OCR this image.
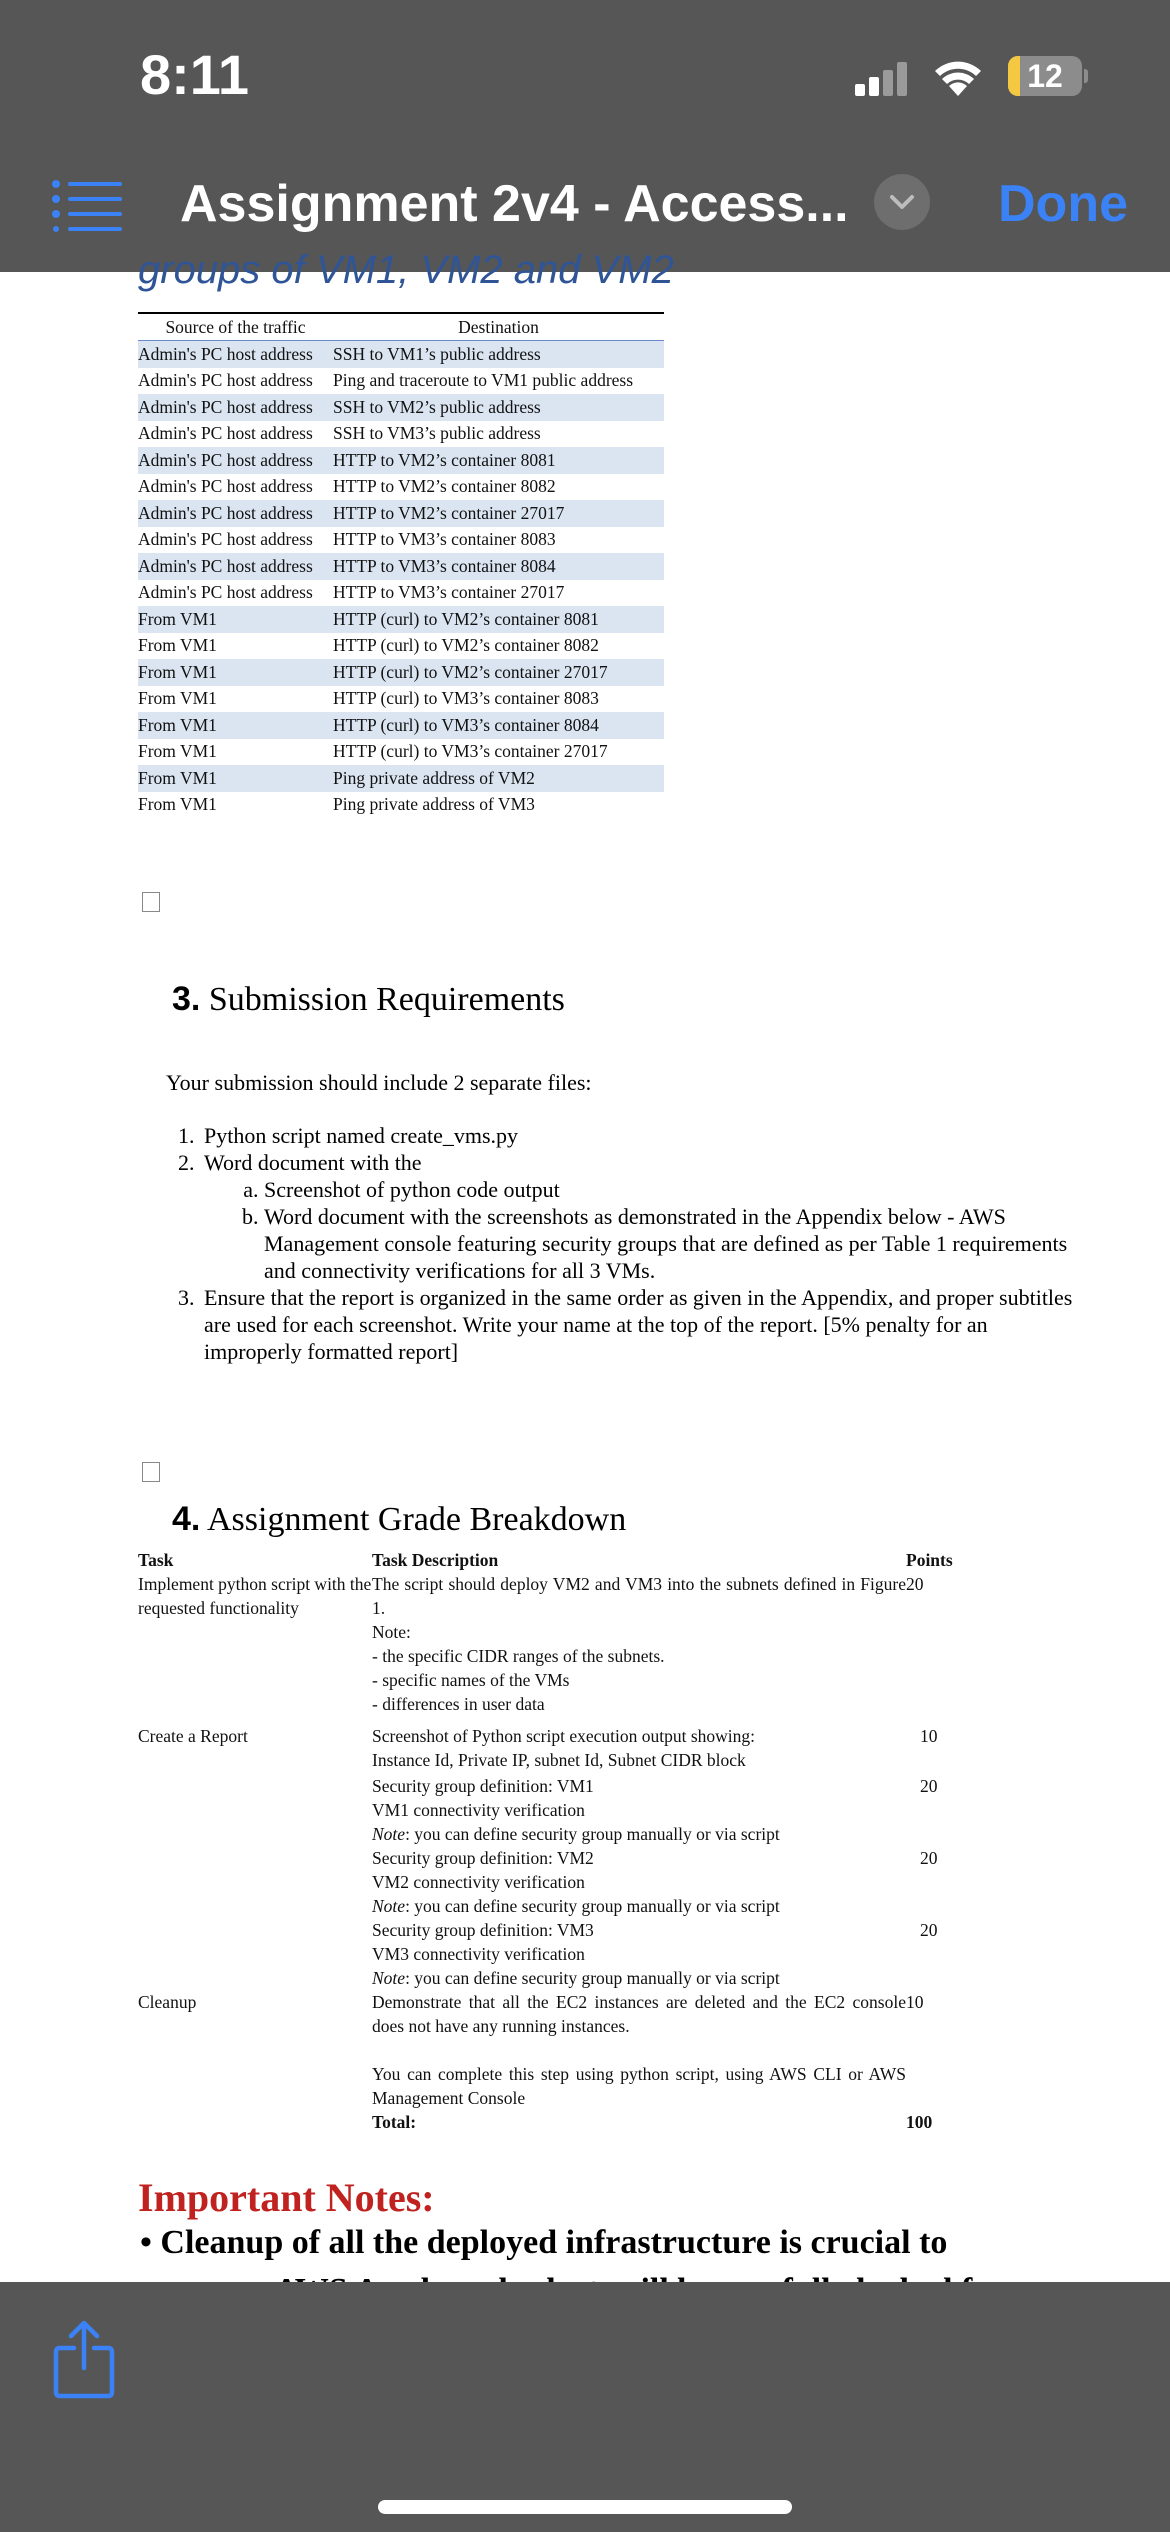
8:11	12
Assignment 2v4 - Access...	Done
groups of VM1, VM2 and VM2
Source of the traffic	Destination
Admin's PC host address	SSH to VM1’s public address
Admin's PC host address	Ping and traceroute to VM1 public address
Admin's PC host address	SSH to VM2’s public address
Admin's PC host address	SSH to VM3’s public address
Admin's PC host address	HTTP to VM2’s container 8081
Admin's PC host address	HTTP to VM2’s container 8082
Admin's PC host address	HTTP to VM2’s container 27017
Admin's PC host address	HTTP to VM3’s container 8083
Admin's PC host address	HTTP to VM3’s container 8084
Admin's PC host address	HTTP to VM3’s container 27017
From VM1	HTTP (curl) to VM2’s container 8081
From VM1	HTTP (curl) to VM2’s container 8082
From VM1	HTTP (curl) to VM2’s container 27017
From VM1	HTTP (curl) to VM3’s container 8083
From VM1	HTTP (curl) to VM3’s container 8084
From VM1	HTTP (curl) to VM3’s container 27017
From VM1	Ping private address of VM2
From VM1	Ping private address of VM3
3. Submission Requirements
Your submission should include 2 separate files:
1. Python script named create_vms.py
2. Word document with the
a. Screenshot of python code output
b. Word document with the screenshots as demonstrated in the Appendix below - AWS Management console featuring security groups that are defined as per Table 1 requirements and connectivity verifications for all 3 VMs.
3. Ensure that the report is organized in the same order as given in the Appendix, and proper subtitles are used for each screenshot. Write your name at the top of the report. [5% penalty for an improperly formatted report]
4. Assignment Grade Breakdown
Task	Task Description	Points
Implement python script with the requested functionality	The script should deploy VM2 and VM3 into the subnets defined in Figure 1.
Note:
- the specific CIDR ranges of the subnets.
- specific names of the VMs
- differences in user data	20
Create a Report	Screenshot of Python script execution output showing:
Instance Id, Private IP, subnet Id, Subnet CIDR block	10

	Security group definition: VM1
VM1 connectivity verification
Note: you can define security group manually or via script	20

	Security group definition: VM2
VM2 connectivity verification
Note: you can define security group manually or via script	20

	Security group definition: VM3
VM3 connectivity verification
Note: you can define security group manually or via script	20
Cleanup	Demonstrate that all the EC2 instances are deleted and the EC2 console does not have any running instances.
You can complete this step using python script, using AWS CLI or AWS Management Console	10
	Total:	100
Important Notes:
• Cleanup of all the deployed infrastructure is crucial to
